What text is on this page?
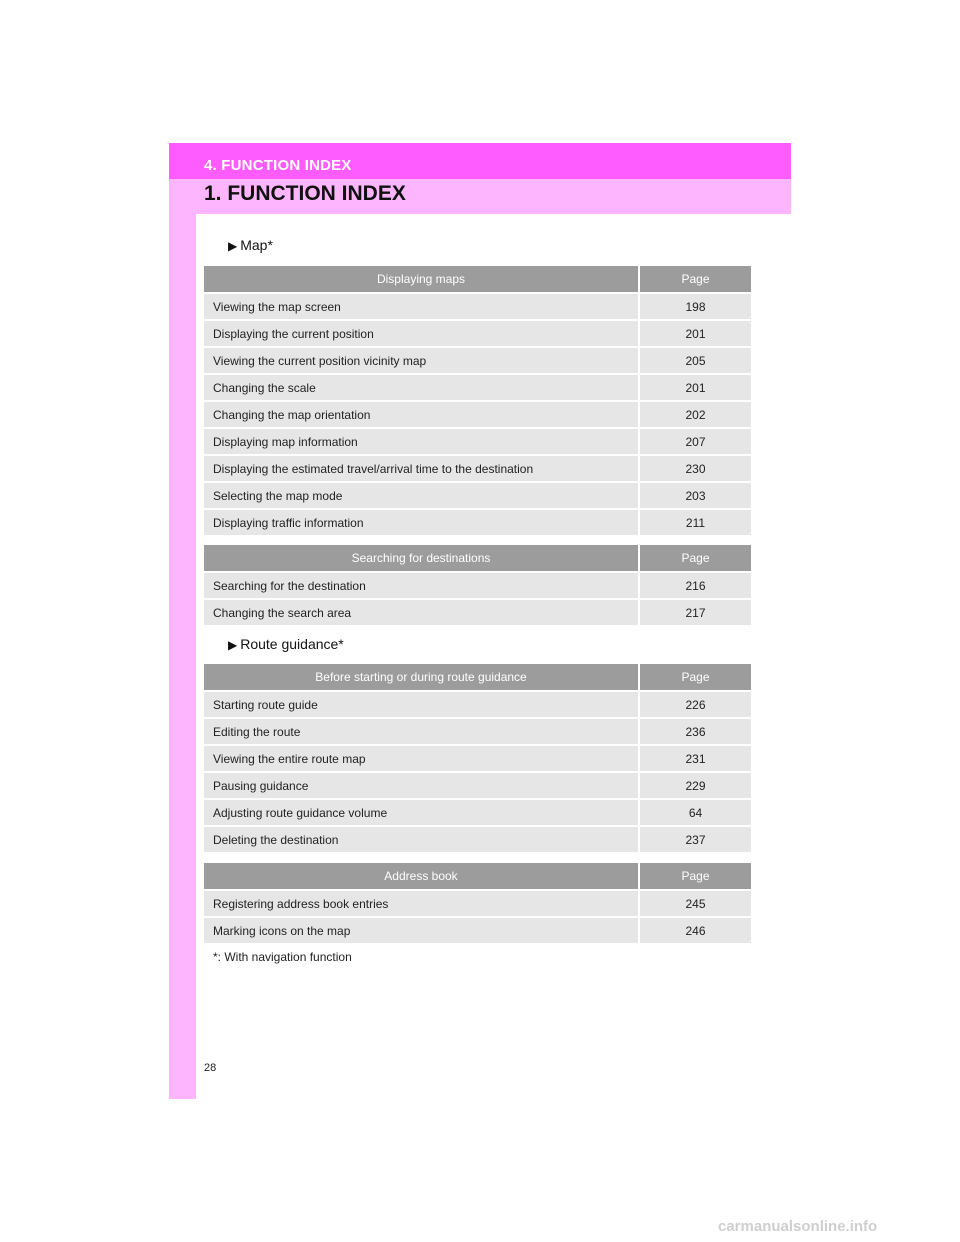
4. FUNCTION INDEX
1. FUNCTION INDEX
▶ Map*
Displaying maps	Page
Viewing the map screen	198
Displaying the current position	201
Viewing the current position vicinity map	205
Changing the scale	201
Changing the map orientation	202
Displaying map information	207
Displaying the estimated travel/arrival time to the destination	230
Selecting the map mode	203
Displaying traffic information	211
Searching for destinations	Page
Searching for the destination	216
Changing the search area	217
▶ Route guidance*
Before starting or during route guidance	Page
Starting route guide	226
Editing the route	236
Viewing the entire route map	231
Pausing guidance	229
Adjusting route guidance volume	64
Deleting the destination	237
Address book	Page
Registering address book entries	245
Marking icons on the map	246
*: With navigation function
28
carmanualsonline.info
